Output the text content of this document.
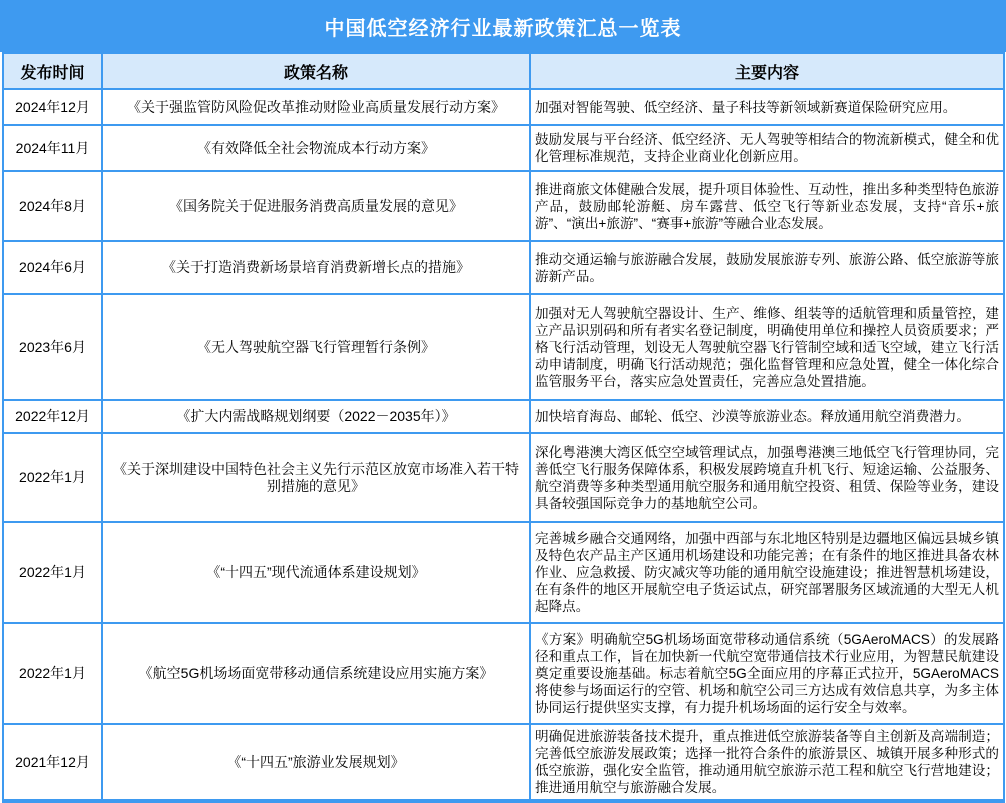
中国低空经济行业最新政策汇总一览表
发布时间	政策名称	主要内容
2024年12月	《关于强监管防风险促改革推动财险业高质量发展行动方案》	加强对智能驾驶、低空经济、量子科技等新领域新赛道保险研究应用。
2024年11月	《有效降低全社会物流成本行动方案》	鼓励发展与平台经济、低空经济、无人驾驶等相结合的物流新模式，健全和优化管理标准规范，支持企业商业化创新应用。
2024年8月	《国务院关于促进服务消费高质量发展的意见》	推进商旅文体健融合发展，提升项目体验性、互动性，推出多种类型特色旅游产品，鼓励邮轮游艇、房车露营、低空飞行等新业态发展，支持“音乐+旅游”、“演出+旅游”、“赛事+旅游”等融合业态发展。
2024年6月	《关于打造消费新场景培育消费新增长点的措施》	推动交通运输与旅游融合发展，鼓励发展旅游专列、旅游公路、低空旅游等旅游新产品。
2023年6月	《无人驾驶航空器飞行管理暂行条例》	加强对无人驾驶航空器设计、生产、维修、组装等的适航管理和质量管控，建立产品识别码和所有者实名登记制度，明确使用单位和操控人员资质要求；严格飞行活动管理，划设无人驾驶航空器飞行管制空域和适飞空域，建立飞行活动申请制度，明确飞行活动规范；强化监督管理和应急处置，健全一体化综合监管服务平台，落实应急处置责任，完善应急处置措施。
2022年12月	《扩大内需战略规划纲要（2022－2035年）》	加快培育海岛、邮轮、低空、沙漠等旅游业态。释放通用航空消费潜力。
2022年1月	《关于深圳建设中国特色社会主义先行示范区放宽市场准入若干特别措施的意见》	深化粤港澳大湾区低空空域管理试点，加强粤港澳三地低空飞行管理协同，完善低空飞行服务保障体系，积极发展跨境直升机飞行、短途运输、公益服务、航空消费等多种类型通用航空服务和通用航空投资、租赁、保险等业务，建设具备较强国际竞争力的基地航空公司。
2022年1月	《“十四五”现代流通体系建设规划》	完善城乡融合交通网络，加强中西部与东北地区特别是边疆地区偏远县城乡镇及特色农产品主产区通用机场建设和功能完善；在有条件的地区推进具备农林作业、应急救援、防灾减灾等功能的通用航空设施建设；推进智慧机场建设，在有条件的地区开展航空电子货运试点，研究部署服务区域流通的大型无人机起降点。
2022年1月	《航空5G机场场面宽带移动通信系统建设应用实施方案》	《方案》明确航空5G机场场面宽带移动通信系统（5GAeroMACS）的发展路径和重点工作，旨在加快新一代航空宽带通信技术行业应用，为智慧民航建设奠定重要设施基础。标志着航空5G全面应用的序幕正式拉开，5GAeroMACS将使参与场面运行的空管、机场和航空公司三方达成有效信息共享，为多主体协同运行提供坚实支撑，有力提升机场场面的运行安全与效率。
2021年12月	《“十四五”旅游业发展规划》	明确促进旅游装备技术提升，重点推进低空旅游装备等自主创新及高端制造；完善低空旅游发展政策；选择一批符合条件的旅游景区、城镇开展多种形式的低空旅游，强化安全监管，推动通用航空旅游示范工程和航空飞行营地建设；推进通用航空与旅游融合发展。
